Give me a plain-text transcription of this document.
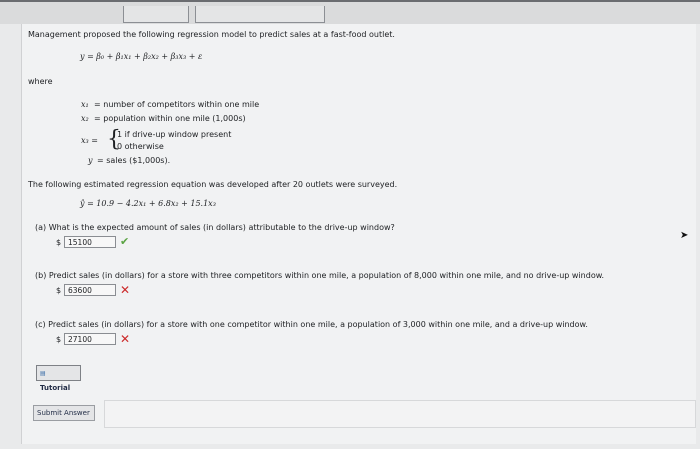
Management proposed the following regression model to predict sales at a fast-food outlet.
y = β₀ + β₁x₁ + β₂x₂ + β₃x₃ + ε
where
x₁ = number of competitors within one mile
x₂ = population within one mile (1,000s)
x₃ = {
1 if drive-up window present
0 otherwise
y = sales ($1,000s).
The following estimated regression equation was developed after 20 outlets were surveyed.
ŷ = 10.9 − 4.2x₁ + 6.8x₂ + 15.1x₃
(a) What is the expected amount of sales (in dollars) attributable to the drive-up window?
$ 15100	✔
(b) Predict sales (in dollars) for a store with three competitors within one mile, a population of 8,000 within one mile, and no drive-up window.
$ 63600	✕
(c) Predict sales (in dollars) for a store with one competitor within one mile, a population of 3,000 within one mile, and a drive-up window.
$ 27100	✕
▤ Tutorial
Submit Answer
➤
